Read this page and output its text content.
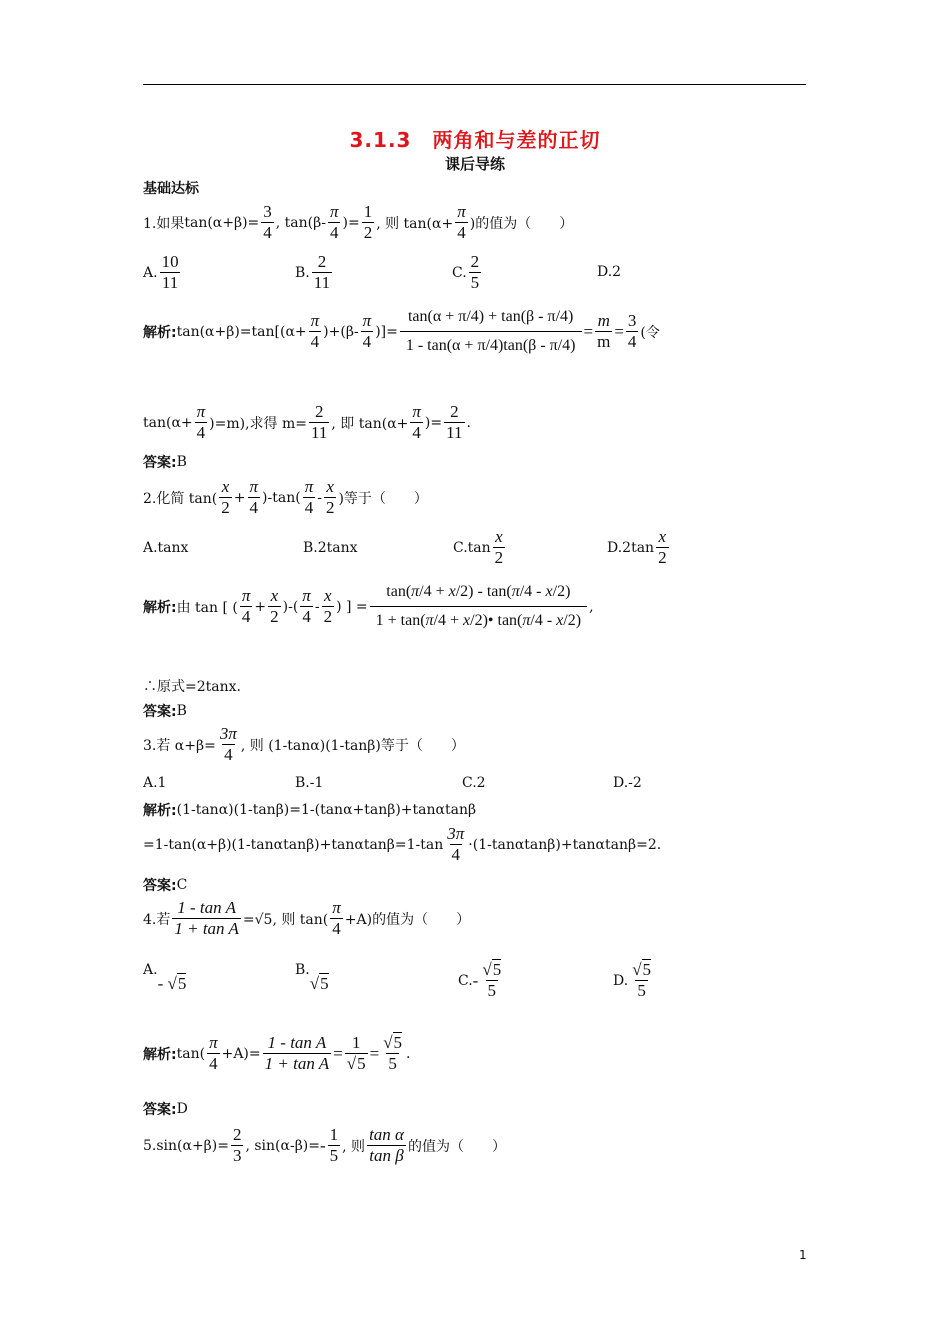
3.1.3　两角和与差的正切
课后导练
基础达标
1.如果 $\tan(\alpha+\beta)= \frac{3}{4}$ , tan(β-
π
4
)= $\frac{1}{2}$ , 则 $\tan(\alpha+ \frac{\pi}{4}$ )的值为（　　）
A.
10
11
B.
2
11
C.
2
5
D.2
解析: $\tan(\alpha+\beta)=\tan[(\alpha+ \frac{\pi}{4} )+(\beta-$
π
4
)]= $\frac{\tan(\alpha + \pi/4) + \tan(\beta - \pi/4)}{1 - \tan(\alpha + \pi/4)\tan(\beta - \pi/4)} = \frac{m}{m} = \frac{3}{4}$ (令
$\tan(\alpha+ \frac{\pi}{4} )=m$),求得 $m= \frac{2}{11}$ , 即 $\tan(\alpha+ \frac{\pi}{4}$ )= $\frac{2}{11}$ .
答案: B
2.化简 tan(
x
2
+
π
4
)-tan(
π
4
-
x
2 )等于（　　）
A.tanx	B.2tanx	C.tan
x
2
D.2tan
x
2
解析: 由 tan [ (
π
4
+
x
2
)-(
π
4
-
x
2
) ] = $\frac{\tan(\pi/4 + x/2) - \tan(\pi/4 - x/2)}{1 + \tan(\pi/4 + x/2)• \tan(\pi/4 - x/2)}$ ,
∴原式=2tanx.
答案: B
3.若 $\alpha+\beta= \frac{3\pi}{4}$ , 则 (1-tanα)(1-tanβ)等于（　　）
A.1	B.-1	C.2	D.-2
解析: (1-tanα)(1-tanβ)=1-(tanα+tanβ)+tanαtanβ
=1-tan(α+β)(1-tanαtanβ)+tanαtanβ=1-tan
3π
4
·(1-tanαtanβ)+tanαtanβ=2.
答案: C
4.若 $\frac{\text{1 - tan A}}{\text{1 + tan A}} =√5$, 则 tan(
π
4 +A)的值为（　　）
A.
- √5
B.
√5	C. -
√5
5
D.
√5
5
解析: tan(
π
4
$+A)= \frac{\text{1 - tan A}}{\text{1 + tan A}} = \frac{1}{√5} = \frac{√5}{5}$ .
答案: D
$5.\sin(\alpha+\beta)= \frac{2}{3}$ , sin(α-β)= -
1
5 , 则
tan α
tan β 的值为（　　）
1
